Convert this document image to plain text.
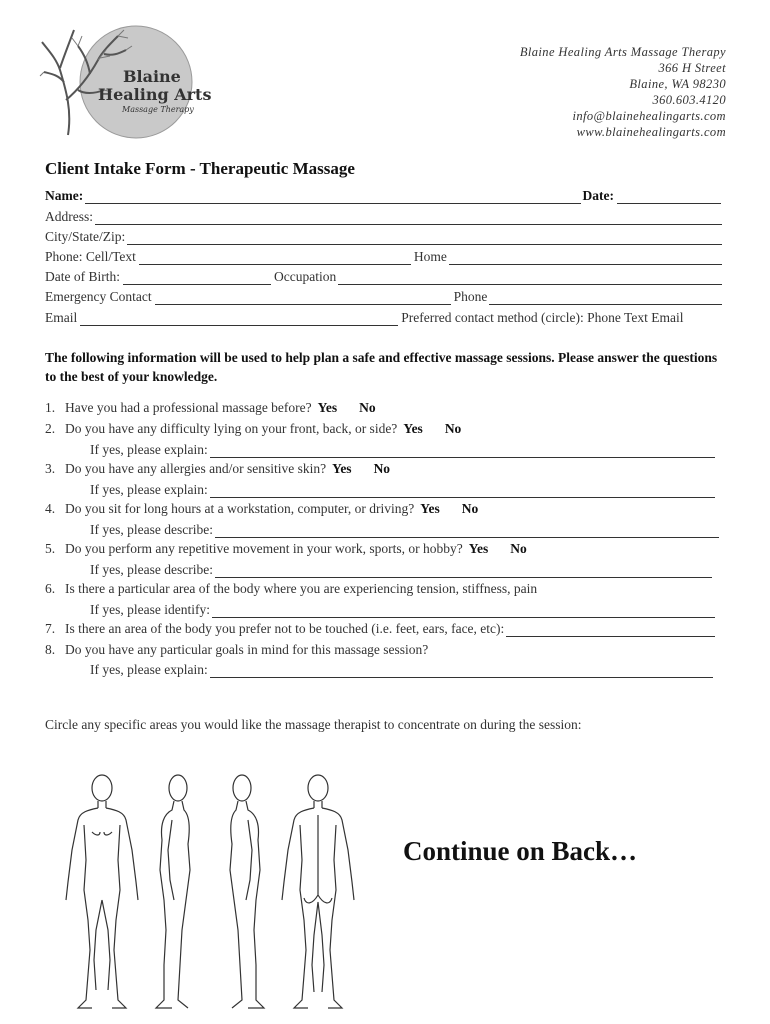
Blaine
Healing Arts
Massage Therapy
Blaine Healing Arts Massage Therapy
366 H Street
Blaine, WA 98230
360.603.4120
info@blainehealingarts.com
www.blainehealingarts.com
Client Intake Form - Therapeutic Massage
Name:	Date:
Address:
City/State/Zip:
Phone: Cell/Text	Home
Date of Birth:	Occupation
Emergency Contact	Phone
Email	Preferred contact method (circle): Phone Text Email
The following information will be used to help plan a safe and effective massage sessions. Please answer the questions to the best of your knowledge.
1. Have you had a professional massage before? Yes No
2. Do you have any difficulty lying on your front, back, or side? Yes No
If yes, please explain:
3. Do you have any allergies and/or sensitive skin? Yes No
If yes, please explain:
4. Do you sit for long hours at a workstation, computer, or driving? Yes No
If yes, please describe:
5. Do you perform any repetitive movement in your work, sports, or hobby? Yes No
If yes, please describe:
6. Is there a particular area of the body where you are experiencing tension, stiffness, pain
If yes, please identify:
7. Is there an area of the body you prefer not to be touched (i.e. feet, ears, face, etc):
8. Do you have any particular goals in mind for this massage session?
If yes, please explain:
Circle any specific areas you would like the massage therapist to concentrate on during the session:
Continue on Back…
